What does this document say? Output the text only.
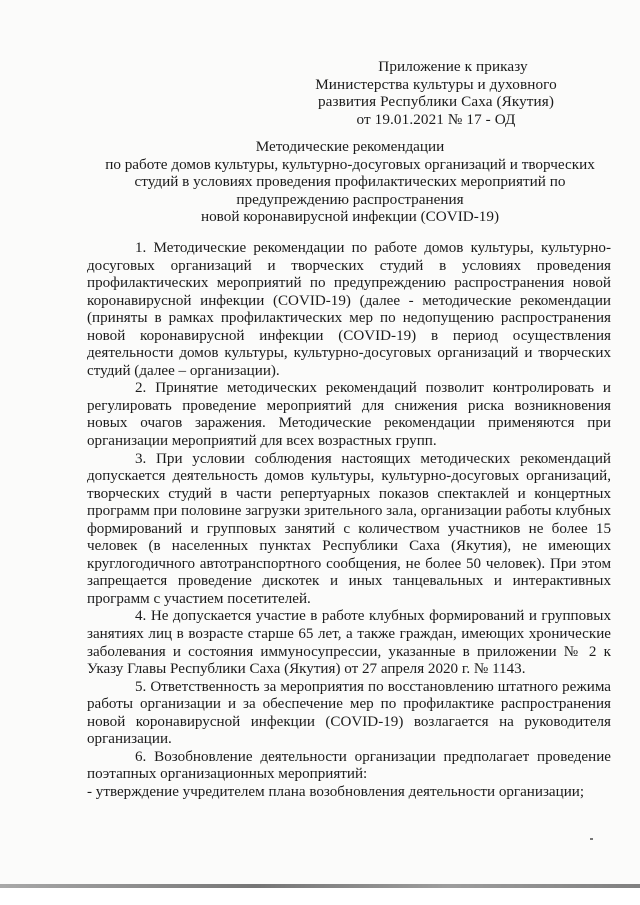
Приложение к приказу
Министерства культуры и духовного
развития Республики Саха (Якутия)
от 19.01.2021 № 17 - ОД
Методические рекомендации
по работе домов культуры, культурно-досуговых организаций и творческих
студий в условиях проведения профилактических мероприятий по
предупреждению распространения
новой коронавирусной инфекции (COVID-19)

1. Методические рекомендации по работе домов культуры, культурно-досуговых организаций и творческих студий в условиях проведения профилактических мероприятий по предупреждению распространения новой коронавирусной инфекции (COVID-19) (далее - методические рекомендации (приняты в рамках профилактических мер по недопущению распространения новой коронавирусной инфекции (COVID-19) в период осуществления деятельности домов культуры, культурно-досуговых организаций и творческих студий (далее – организации).

2. Принятие методических рекомендаций позволит контролировать и регулировать проведение мероприятий для снижения риска возникновения новых очагов заражения. Методические рекомендации применяются при организации мероприятий для всех возрастных групп.

3. При условии соблюдения настоящих методических рекомендаций допускается деятельность домов культуры, культурно-досуговых организаций, творческих студий в части репертуарных показов спектаклей и концертных программ при половине загрузки зрительного зала, организации работы клубных формирований и групповых занятий с количеством участников не более 15 человек (в населенных пунктах Республики Саха (Якутия), не имеющих круглогодичного автотранспортного сообщения, не более 50 человек). При этом запрещается проведение дискотек и иных танцевальных и интерактивных программ с участием посетителей.

4. Не допускается участие в работе клубных формирований и групповых занятиях лиц в возрасте старше 65 лет, а также граждан, имеющих хронические заболевания и состояния иммуносупрессии, указанные в приложении № 2 к Указу Главы Республики Саха (Якутия) от 27 апреля 2020 г. № 1143.

5. Ответственность за мероприятия по восстановлению штатного режима работы организации и за обеспечение мер по профилактике распространения новой коронавирусной инфекции (COVID-19) возлагается на руководителя организации.

6. Возобновление деятельности организации предполагает проведение поэтапных организационных мероприятий:

- утверждение учредителем плана возобновления деятельности организации;
